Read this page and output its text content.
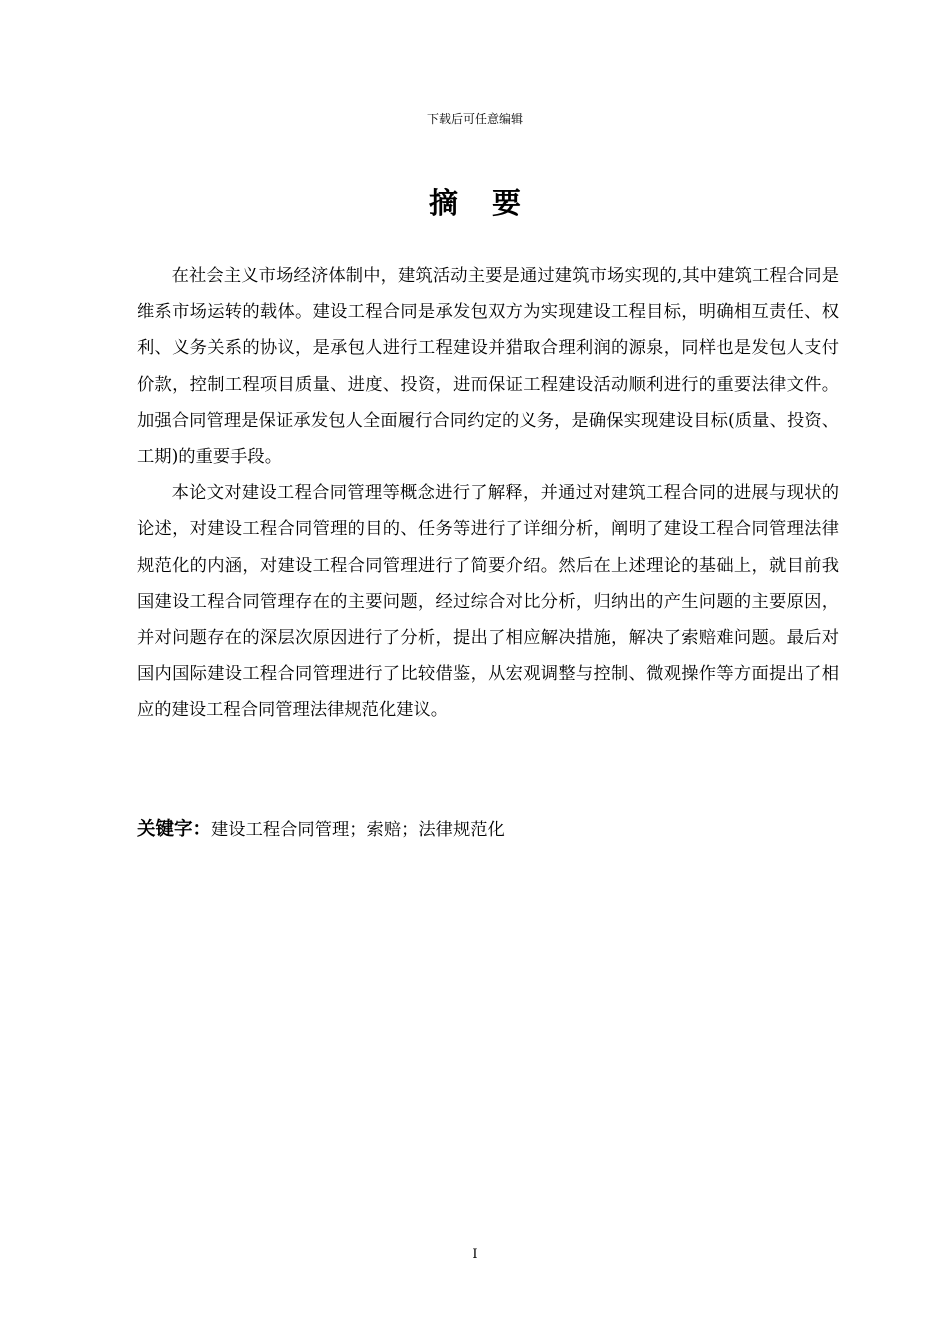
下载后可任意编辑
摘 要

在社会主义市场经济体制中，建筑活动主要是通过建筑市场实现的,其中建筑工程合同是维系市场运转的载体。建设工程合同是承发包双方为实现建设工程目标，明确相互责任、权利、义务关系的协议，是承包人进行工程建设并猎取合理利润的源泉，同样也是发包人支付价款，控制工程项目质量、进度、投资，进而保证工程建设活动顺利进行的重要法律文件。加强合同管理是保证承发包人全面履行合同约定的义务，是确保实现建设目标(质量、投资、工期)的重要手段。

本论文对建设工程合同管理等概念进行了解释，并通过对建筑工程合同的进展与现状的论述，对建设工程合同管理的目的、任务等进行了详细分析，阐明了建设工程合同管理法律规范化的内涵，对建设工程合同管理进行了简要介绍。然后在上述理论的基础上，就目前我国建设工程合同管理存在的主要问题，经过综合对比分析，归纳出的产生问题的主要原因，并对问题存在的深层次原因进行了分析，提出了相应解决措施，解决了索赔难问题。最后对国内国际建设工程合同管理进行了比较借鉴，从宏观调整与控制、微观操作等方面提出了相应的建设工程合同管理法律规范化建议。

关键字：建设工程合同管理；索赔；法律规范化
I
